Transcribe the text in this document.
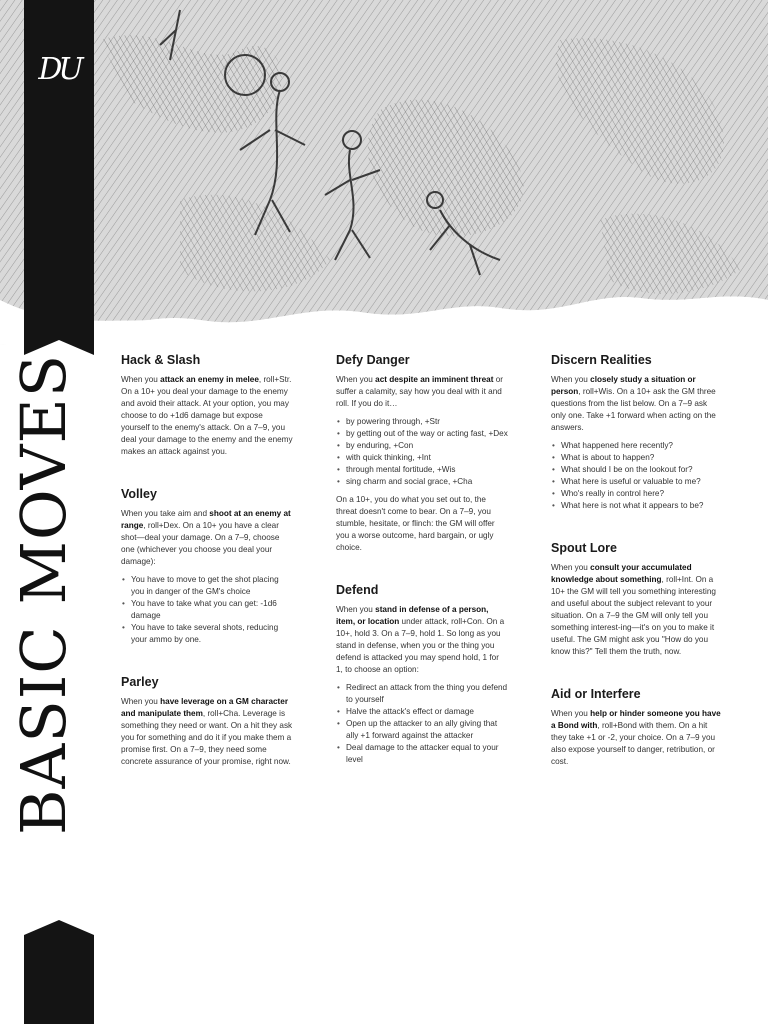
DU
BASIC MOVES	Hack & Slash

When you attack an enemy in melee, roll+Str. On a 10+ you deal your damage to the enemy and avoid their attack. At your option, you may choose to do +1d6 damage but expose yourself to the enemy's attack. On a 7–9, you deal your damage to the enemy and the enemy makes an attack against you.

Volley

When you take aim and shoot at an enemy at range, roll+Dex. On a 10+ you have a clear shot—deal your damage. On a 7–9, choose one (whichever you choose you deal your damage):

• You have to move to get the shot placing you in danger of the GM's choice
• You have to take what you can get: -1d6 damage
• You have to take several shots, reducing your ammo by one.
Parley

When you have leverage on a GM character and manipulate them, roll+Cha. Leverage is something they need or want. On a hit they ask you for something and do it if you make them a promise first. On a 7–9, they need some concrete assurance of your promise, right now.

Defy Danger

When you act despite an imminent threat or suffer a calamity, say how you deal with it and roll. If you do it…

• by powering through, +Str
• by getting out of the way or acting fast, +Dex
• by enduring, +Con
• with quick thinking, +Int
• through mental fortitude, +Wis
• sing charm and social grace, +Cha

On a 10+, you do what you set out to, the threat doesn't come to bear. On a 7–9, you stumble, hesitate, or flinch: the GM will offer you a worse outcome, hard bargain, or ugly choice.

Defend

When you stand in defense of a person, item, or location under attack, roll+Con. On a 10+, hold 3. On a 7–9, hold 1. So long as you stand in defense, when you or the thing you defend is attacked you may spend hold, 1 for 1, to choose an option:

• Redirect an attack from the thing you defend to yourself
• Halve the attack's effect or damage
• Open up the attacker to an ally giving that ally +1 forward against the attacker
• Deal damage to the attacker equal to your level
Discern Realities

When you closely study a situation or person, roll+Wis. On a 10+ ask the GM three questions from the list below. On a 7–9 ask only one. Take +1 forward when acting on the answers.

• What happened here recently?
• What is about to happen?
• What should I be on the lookout for?
• What here is useful or valuable to me?
• Who's really in control here?
• What here is not what it appears to be?
Spout Lore

When you consult your accumulated knowledge about something, roll+Int. On a 10+ the GM will tell you something interesting and useful about the subject relevant to your situation. On a 7–9 the GM will only tell you something interest-ing—it's on you to make it useful. The GM might ask you "How do you know this?" Tell them the truth, now.

Aid or Interfere

When you help or hinder someone you have a Bond with, roll+Bond with them. On a hit they take +1 or -2, your choice. On a 7–9 you also expose yourself to danger, retribution, or cost.
